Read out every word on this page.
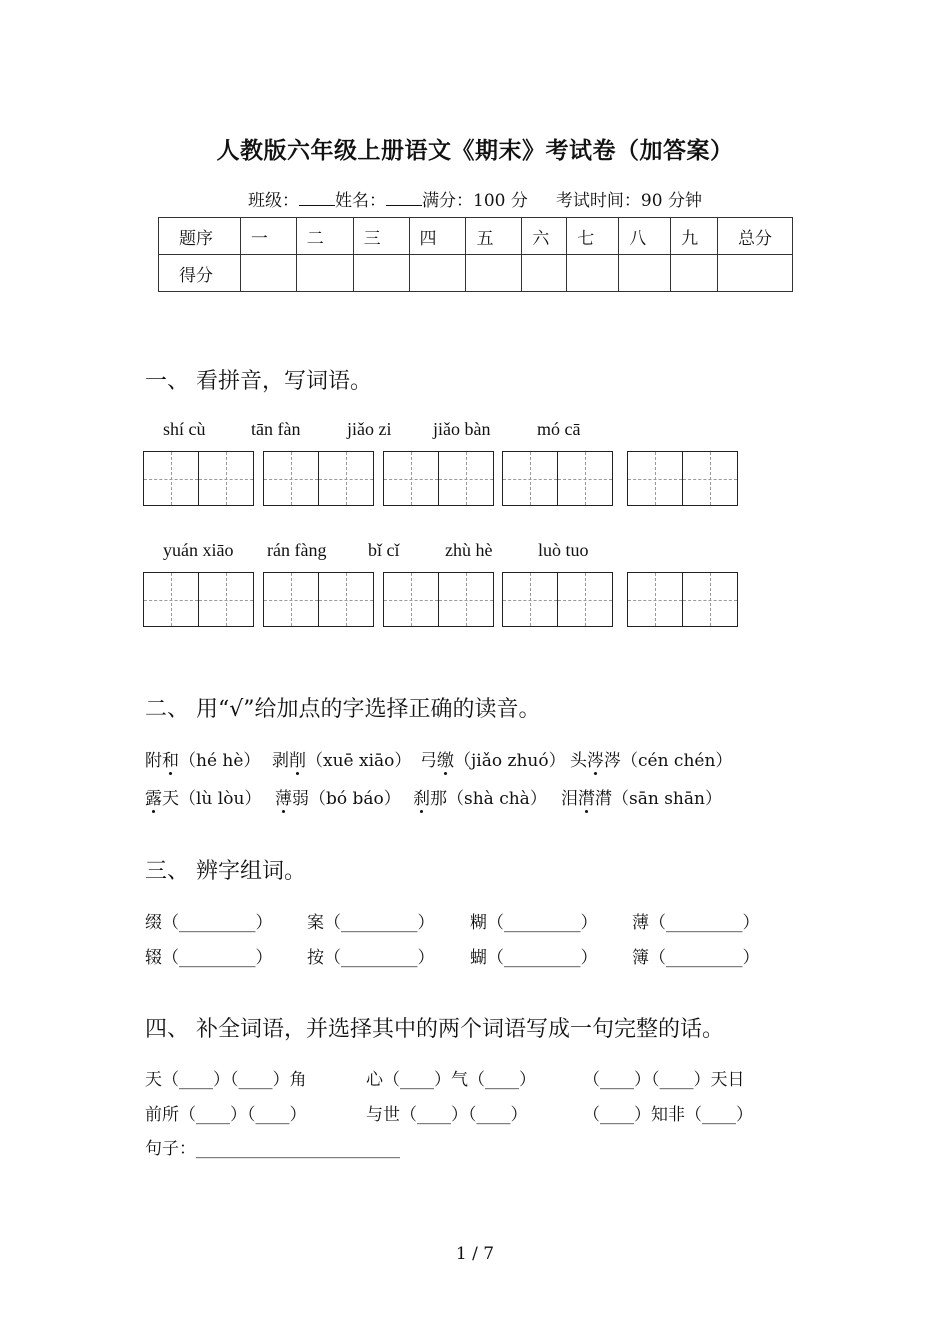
人教版六年级上册语文《期末》考试卷（加答案）
班级： 姓名： 满分：100 分 考试时间：90 分钟
题序	一	二	三	四	五	六	七	八	九	总分
得分										
一、 看拼音，写词语。
shí cù	tān fàn	jiǎo zi jiǎo bàn	mó cā
yuán xiāo rán fàng bǐ cǐ	zhù hè	luò tuo
二、 用“√”给加点的字选择正确的读音。
附和（hé hè） 剥削（xuē xiāo） 弓缴（jiǎo zhuó） 头涔涔（cén chén）
露天（lù lòu） 薄弱（bó báo） 刹那（shà chà） 泪潸潸（sān shān）
三、 辨字组词。
缀（_________） 案（_________） 糊（_________） 薄（_________）
辍（_________） 按（_________） 蝴（_________） 簿（_________）
四、 补全词语，并选择其中的两个词语写成一句完整的话。
天（____）（____）角	心（____）气（____）	（____）（____）天日
前所（____）（____）	与世（____）（____）	（____）知非（____）
句子：________________________
1 / 7
